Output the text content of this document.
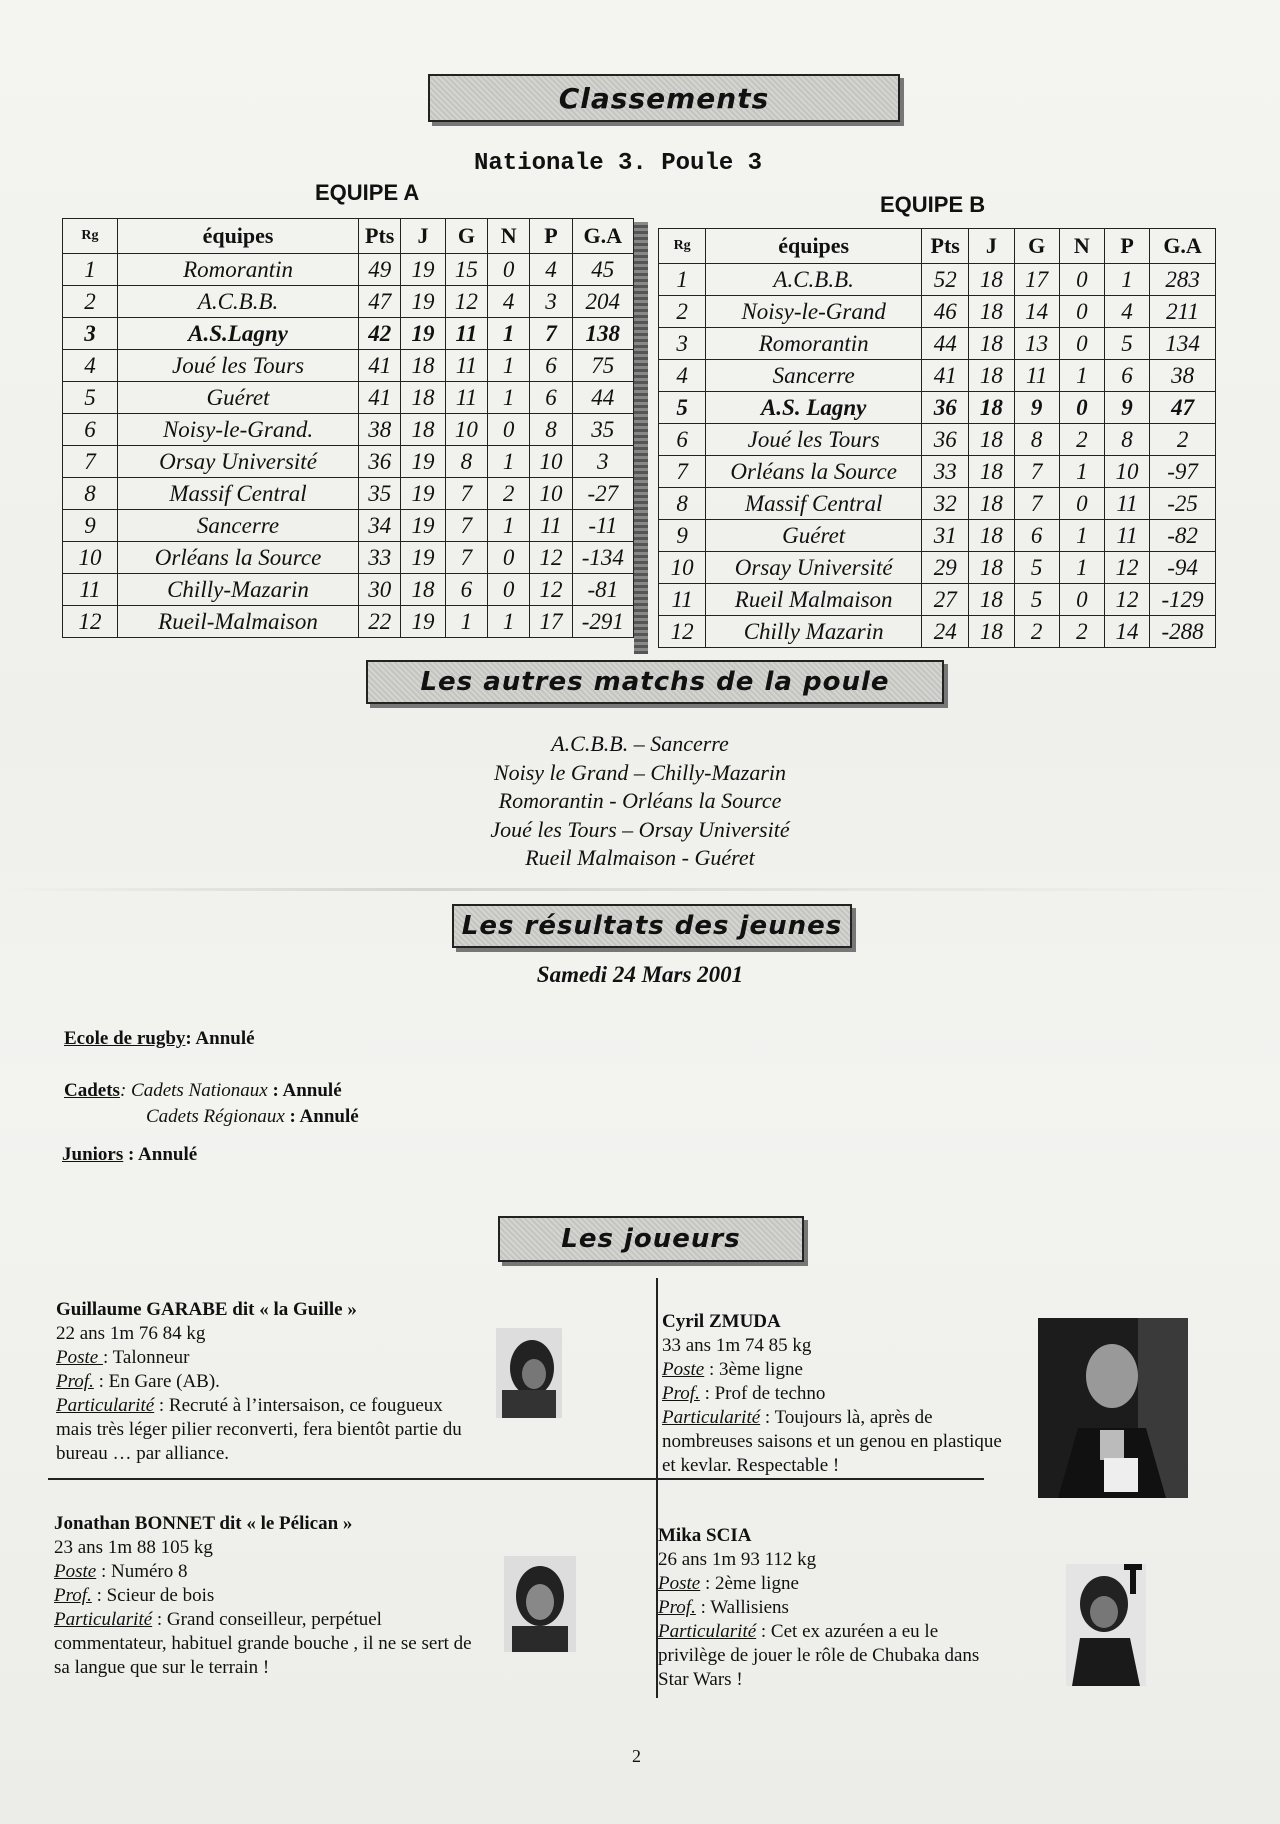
Classements
Nationale 3. Poule 3
EQUIPE A	EQUIPE B
Rg	équipes	Pts	J	G	N	P	G.A
1	Romorantin	49	19	15	0	4	45
2	A.C.B.B.	47	19	12	4	3	204
3	A.S.Lagny	42	19	11	1	7	138
4	Joué les Tours	41	18	11	1	6	75
5	Guéret	41	18	11	1	6	44
6	Noisy-le-Grand.	38	18	10	0	8	35
7	Orsay Université	36	19	8	1	10	3
8	Massif Central	35	19	7	2	10	-27
9	Sancerre	34	19	7	1	11	-11
10	Orléans la Source	33	19	7	0	12	-134
11	Chilly-Mazarin	30	18	6	0	12	-81
12	Rueil-Malmaison	22	19	1	1	17	-291
Rg	équipes	Pts	J	G	N	P	G.A
1	A.C.B.B.	52	18	17	0	1	283
2	Noisy-le-Grand	46	18	14	0	4	211
3	Romorantin	44	18	13	0	5	134
4	Sancerre	41	18	11	1	6	38
5	A.S. Lagny	36	18	9	0	9	47
6	Joué les Tours	36	18	8	2	8	2
7	Orléans la Source	33	18	7	1	10	-97
8	Massif Central	32	18	7	0	11	-25
9	Guéret	31	18	6	1	11	-82
10	Orsay Université	29	18	5	1	12	-94
11	Rueil Malmaison	27	18	5	0	12	-129
12	Chilly Mazarin	24	18	2	2	14	-288
Les autres matchs de la poule
A.C.B.B. – Sancerre
Noisy le Grand – Chilly-Mazarin
Romorantin - Orléans la Source
Joué les Tours – Orsay Université
Rueil Malmaison - Guéret
Les résultats des jeunes
Samedi 24 Mars 2001
Ecole de rugby: Annulé
Cadets: Cadets Nationaux : Annulé
Cadets Régionaux : Annulé
Juniors : Annulé
Les joueurs
Guillaume GARABE dit « la Guille »
22 ans 1m 76 84 kg
Poste : Talonneur
Prof. : En Gare (AB).
Particularité : Recruté à l’intersaison, ce fougueux mais très léger pilier reconverti, fera bientôt partie du bureau … par alliance.
Cyril ZMUDA
33 ans 1m 74 85 kg
Poste : 3ème ligne
Prof. : Prof de techno
Particularité : Toujours là, après de nombreuses saisons et un genou en plastique et kevlar. Respectable !
Jonathan BONNET dit « le Pélican »
23 ans 1m 88 105 kg
Poste : Numéro 8
Prof. : Scieur de bois
Particularité : Grand conseilleur, perpétuel commentateur, habituel grande bouche , il ne se sert de sa langue que sur le terrain !
Mika SCIA
26 ans 1m 93 112 kg
Poste : 2ème ligne
Prof. : Wallisiens
Particularité : Cet ex azuréen a eu le privilège de jouer le rôle de Chubaka dans Star Wars !
2
